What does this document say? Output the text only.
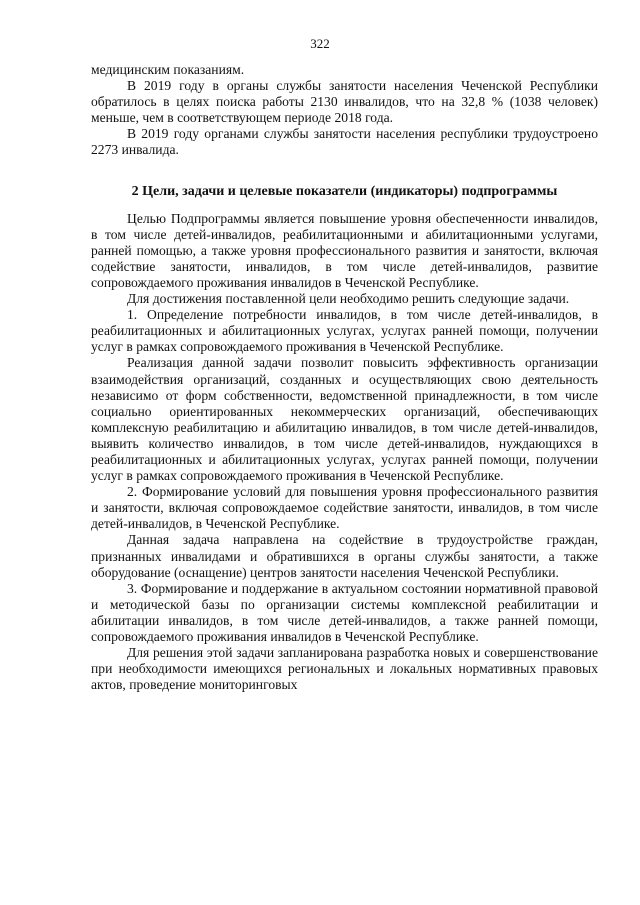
322

медицинским показаниям.

В 2019 году в органы службы занятости населения Чеченской Республики обратилось в целях поиска работы 2130 инвалидов, что на 32,8 % (1038 человек) меньше, чем в соответствующем периоде 2018 года.

В 2019 году органами службы занятости населения республики трудоустроено 2273 инвалида.

2 Цели, задачи и целевые показатели (индикаторы) подпрограммы

Целью Подпрограммы является повышение уровня обеспеченности инвалидов, в том числе детей-инвалидов, реабилитационными и абилитационными услугами, ранней помощью, а также уровня профессионального развития и занятости, включая содействие занятости, инвалидов, в том числе детей-инвалидов, развитие сопровождаемого проживания инвалидов в Чеченской Республике.

Для достижения поставленной цели необходимо решить следующие задачи.

1. Определение потребности инвалидов, в том числе детей-инвалидов, в реабилитационных и абилитационных услугах, услугах ранней помощи, получении услуг в рамках сопровождаемого проживания в Чеченской Республике.

Реализация данной задачи позволит повысить эффективность организации взаимодействия организаций, созданных и осуществляющих свою деятельность независимо от форм собственности, ведомственной принадлежности, в том числе социально ориентированных некоммерческих организаций, обеспечивающих комплексную реабилитацию и абилитацию инвалидов, в том числе детей-инвалидов, выявить количество инвалидов, в том числе детей-инвалидов, нуждающихся в реабилитационных и абилитационных услугах, услугах ранней помощи, получении услуг в рамках сопровождаемого проживания в Чеченской Республике.

2. Формирование условий для повышения уровня профессионального развития и занятости, включая сопровождаемое содействие занятости, инвалидов, в том числе детей-инвалидов, в Чеченской Республике.

Данная задача направлена на содействие в трудоустройстве граждан, признанных инвалидами и обратившихся в органы службы занятости, а также оборудование (оснащение) центров занятости населения Чеченской Республики.

3. Формирование и поддержание в актуальном состоянии нормативной правовой и методической базы по организации системы комплексной реабилитации и абилитации инвалидов, в том числе детей-инвалидов, а также ранней помощи, сопровождаемого проживания инвалидов в Чеченской Республике.

Для решения этой задачи запланирована разработка новых и совершенствование при необходимости имеющихся региональных и локальных нормативных правовых актов, проведение мониторинговых
